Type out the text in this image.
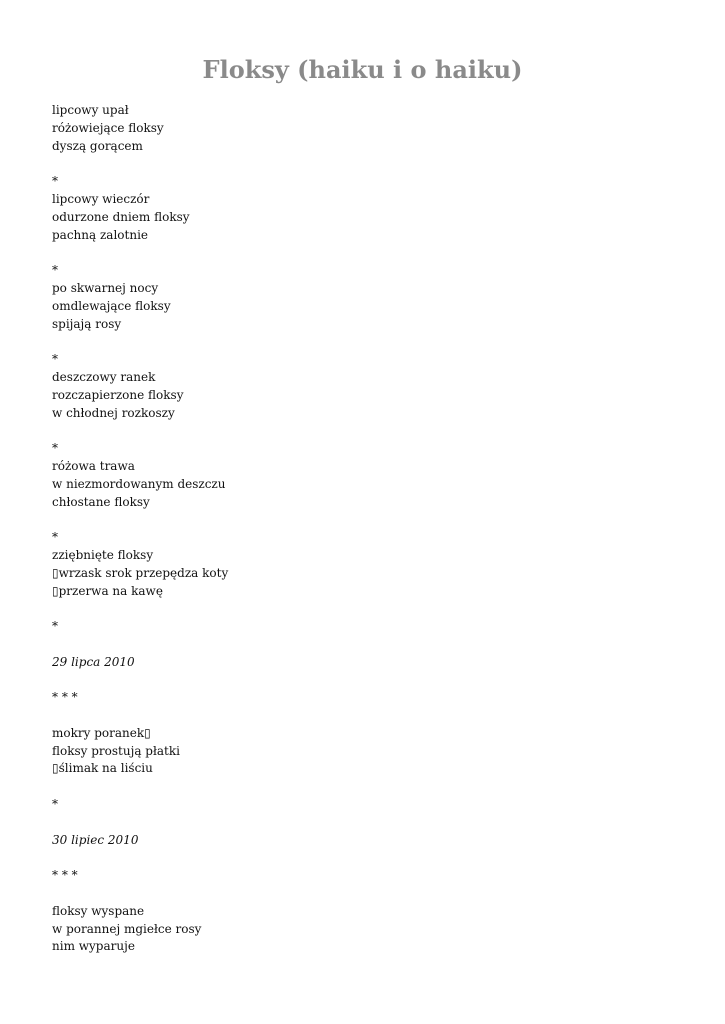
Floksy (haiku i o haiku)
lipcowy upał
różowiejące floksy
dyszą gorącem
*
lipcowy wieczór
odurzone dniem floksy
pachną zalotnie
*
po skwarnej nocy
omdlewające floksy
spijają rosy
*
deszczowy ranek
rozczapierzone floksy
w chłodnej rozkoszy
*
różowa trawa
w niezmordowanym deszczu
chłostane floksy
*
zziębnięte floksy
▯wrzask srok przepędza koty
▯przerwa na kawę
*
29 lipca 2010
* * *
mokry poranek▯
floksy prostują płatki
▯ślimak na liściu
*
30 lipiec 2010
* * *
floksy wyspane
w porannej mgiełce rosy
nim wyparuje
